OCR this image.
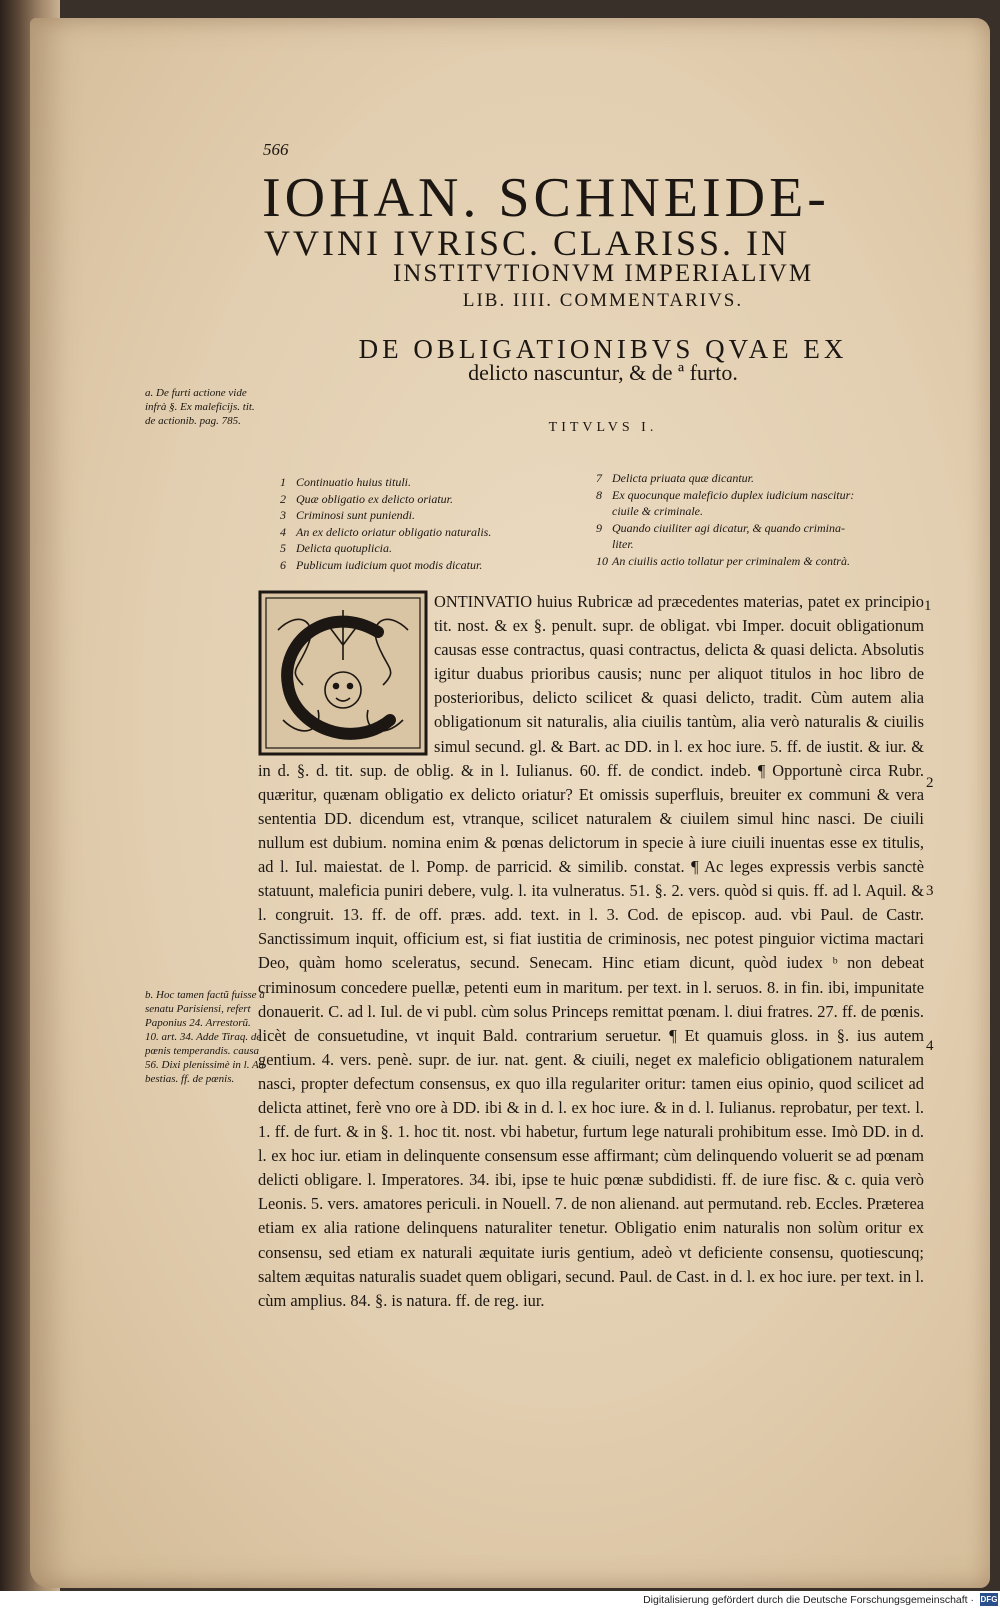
566
IOHAN. SCHNEIDE-
VVINI IVRISC. CLARISS. IN
INSTITVTIONVM IMPERIALIVM
LIB. IIII. COMMENTARIVS.
DE OBLIGATIONIBVS QVAE EX
delicto nascuntur, & de ª furto.
TITVLVS I.
a. De furti actione vide infrà §. Ex maleficijs. tit. de actionib. pag. 785.
b. Hoc tamen factũ fuisse à senatu Parisiensi, refert Paponius 24. Arrestorũ. 10. art. 34. Adde Tiraq. de pœnis temperandis. causa 56. Dixi plenissimè in l. Ad bestias. ff. de pœnis.
1 Continuatio huius tituli.
2 Quæ obligatio ex delicto oriatur.
3 Criminosi sunt puniendi.
4 An ex delicto oriatur obligatio naturalis.
5 Delicta quotuplicia.
6 Publicum iudicium quot modis dicatur.
7 Delicta priuata quæ dicantur.
8 Ex quocunque maleficio duplex iudicium nascitur:
ciuile & criminale.
9 Quando ciuiliter agi dicatur, & quando crimina-
liter.
10 An ciuilis actio tollatur per criminalem & contrà.
1
2
3
4

ONTINVATIO huius Rubricæ ad præcedentes materias, patet ex principio tit. nost. & ex §. penult. supr. de obligat. vbi Imper. docuit obligationum causas esse contractus, quasi contractus, delicta & quasi delicta. Absolutis igitur duabus prioribus causis; nunc per aliquot titulos in hoc libro de posterioribus, delicto scilicet & quasi delicto, tradit. Cùm autem alia obligationum sit naturalis, alia ciuilis tantùm, alia verò naturalis & ciuilis simul secund. gl. & Bart. ac DD. in l. ex hoc iure. 5. ff. de iustit. & iur. & in d. §. d. tit. sup. de oblig. & in l. Iulianus. 60. ff. de condict. indeb. ¶ Opportunè circa Rubr. quæritur, quænam obligatio ex delicto oriatur? Et omissis superfluis, breuiter ex communi & vera sententia DD. dicendum est, vtranque, scilicet naturalem & ciuilem simul hinc nasci. De ciuili nullum est dubium. nomina enim & pœnas delictorum in specie à iure ciuili inuentas esse ex titulis, ad l. Iul. maiestat. de l. Pomp. de parricid. & similib. constat. ¶ Ac leges expressis verbis sanctè statuunt, maleficia puniri debere, vulg. l. ita vulneratus. 51. §. 2. vers. quòd si quis. ff. ad l. Aquil. & l. congruit. 13. ff. de off. præs. add. text. in l. 3. Cod. de episcop. aud. vbi Paul. de Castr. Sanctissimum inquit, officium est, si fiat iustitia de criminosis, nec potest pinguior victima mactari Deo, quàm homo sceleratus, secund. Senecam. Hinc etiam dicunt, quòd iudex ᵇ non debeat criminosum concedere puellæ, petenti eum in maritum. per text. in l. seruos. 8. in fin. ibi, impunitate donauerit. C. ad l. Iul. de vi publ. cùm solus Princeps remittat pœnam. l. diui fratres. 27. ff. de pœnis. licèt de consuetudine, vt inquit Bald. contrarium seruetur. ¶ Et quamuis gloss. in §. ius autem gentium. 4. vers. penè. supr. de iur. nat. gent. & ciuili, neget ex maleficio obligationem naturalem nasci, propter defectum consensus, ex quo illa regulariter oritur: tamen eius opinio, quod scilicet ad delicta attinet, ferè vno ore à DD. ibi & in d. l. ex hoc iure. & in d. l. Iulianus. reprobatur, per text. l. 1. ff. de furt. & in §. 1. hoc tit. nost. vbi habetur, furtum lege naturali prohibitum esse. Imò DD. in d. l. ex hoc iur. etiam in delinquente consensum esse affirmant; cùm delinquendo voluerit se ad pœnam delicti obligare. l. Imperatores. 34. ibi, ipse te huic pœnæ subdidisti. ff. de iure fisc. & c. quia verò Leonis. 5. vers. amatores periculi. in Nouell. 7. de non alienand. aut permutand. reb. Eccles. Præterea etiam ex alia ratione delinquens naturaliter tenetur. Obligatio enim naturalis non solùm oritur ex consensu, sed etiam ex naturali æquitate iuris gentium, adeò vt deficiente consensu, quotiescunq; saltem æquitas naturalis suadet quem obligari, secund. Paul. de Cast. in d. l. ex hoc iure. per text. in l. cùm amplius. 84. §. is natura. ff. de reg. iur.

Digitalisierung gefördert durch die Deutsche Forschungsgemeinschaft · DFG
